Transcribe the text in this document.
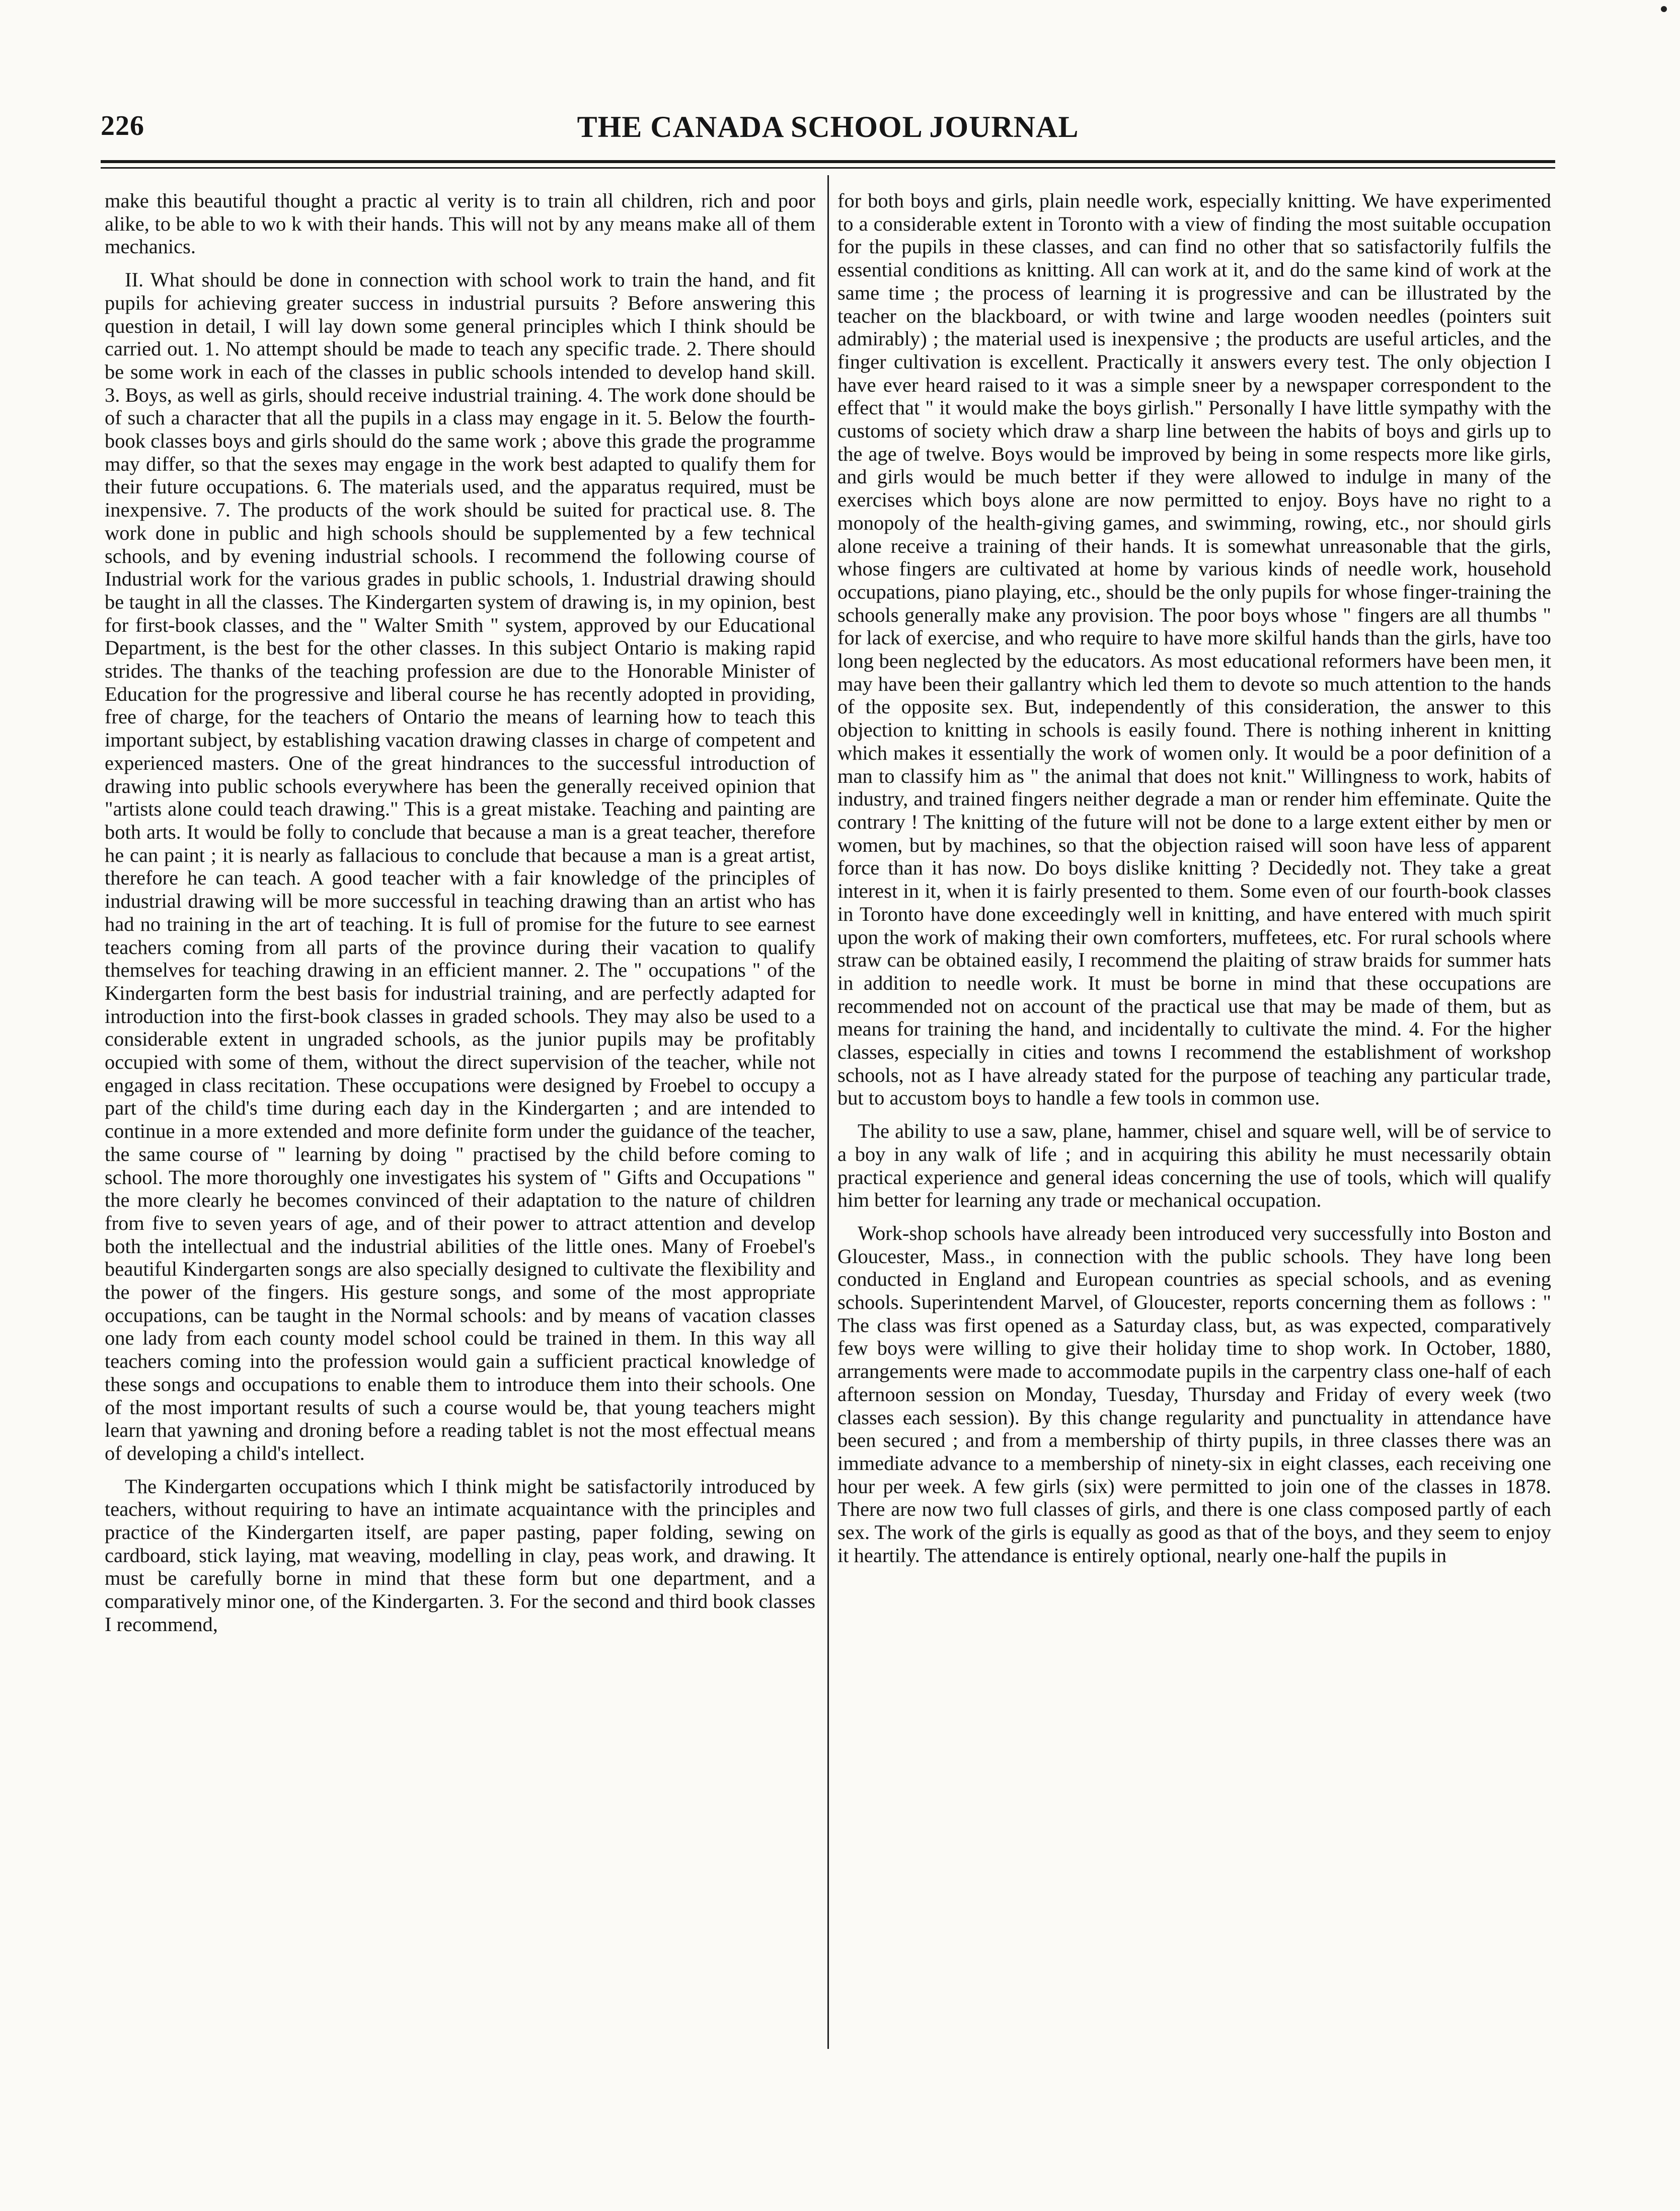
226	THE CANADA SCHOOL JOURNAL

make this beautiful thought a practic al verity is to train all children, rich and poor alike, to be able to wo k with their hands. This will not by any means make all of them mechanics.

II. What should be done in connection with school work to train the hand, and fit pupils for achieving greater success in industrial pursuits ? Before answering this question in detail, I will lay down some general principles which I think should be carried out. 1. No attempt should be made to teach any specific trade. 2. There should be some work in each of the classes in public schools intended to develop hand skill. 3. Boys, as well as girls, should receive industrial training. 4. The work done should be of such a character that all the pupils in a class may engage in it. 5. Below the fourth-book classes boys and girls should do the same work ; above this grade the programme may differ, so that the sexes may engage in the work best adapted to qualify them for their future occupations. 6. The materials used, and the apparatus required, must be inexpensive. 7. The products of the work should be suited for practical use. 8. The work done in public and high schools should be supplemented by a few technical schools, and by evening industrial schools. I recommend the following course of Industrial work for the various grades in public schools, 1. Industrial drawing should be taught in all the classes. The Kindergarten system of drawing is, in my opinion, best for first-book classes, and the " Walter Smith " system, approved by our Educational Department, is the best for the other classes. In this subject Ontario is making rapid strides. The thanks of the teaching profession are due to the Honorable Minister of Education for the progressive and liberal course he has recently adopted in providing, free of charge, for the teachers of Ontario the means of learning how to teach this important subject, by establishing vacation drawing classes in charge of competent and experienced masters. One of the great hindrances to the successful introduction of drawing into public schools everywhere has been the generally received opinion that "artists alone could teach drawing." This is a great mistake. Teaching and painting are both arts. It would be folly to conclude that because a man is a great teacher, therefore he can paint ; it is nearly as fallacious to conclude that because a man is a great artist, therefore he can teach. A good teacher with a fair knowledge of the principles of industrial drawing will be more successful in teaching drawing than an artist who has had no training in the art of teaching. It is full of promise for the future to see earnest teachers coming from all parts of the province during their vacation to qualify themselves for teaching drawing in an efficient manner. 2. The " occupations " of the Kindergarten form the best basis for industrial training, and are perfectly adapted for introduction into the first-book classes in graded schools. They may also be used to a considerable extent in ungraded schools, as the junior pupils may be profitably occupied with some of them, without the direct supervision of the teacher, while not engaged in class recitation. These occupations were designed by Froebel to occupy a part of the child's time during each day in the Kindergarten ; and are intended to continue in a more extended and more definite form under the guidance of the teacher, the same course of " learning by doing " practised by the child before coming to school. The more thoroughly one investigates his system of " Gifts and Occupations " the more clearly he becomes convinced of their adaptation to the nature of children from five to seven years of age, and of their power to attract attention and develop both the intellectual and the industrial abilities of the little ones. Many of Froebel's beautiful Kindergarten songs are also specially designed to cultivate the flexibility and the power of the fingers. His gesture songs, and some of the most appropriate occupations, can be taught in the Normal schools: and by means of vacation classes one lady from each county model school could be trained in them. In this way all teachers coming into the profession would gain a sufficient practical knowledge of these songs and occupations to enable them to introduce them into their schools. One of the most important results of such a course would be, that young teachers might learn that yawning and droning before a reading tablet is not the most effectual means of developing a child's intellect.

The Kindergarten occupations which I think might be satisfactorily introduced by teachers, without requiring to have an intimate acquaintance with the principles and practice of the Kindergarten itself, are paper pasting, paper folding, sewing on cardboard, stick laying, mat weaving, modelling in clay, peas work, and drawing. It must be carefully borne in mind that these form but one department, and a comparatively minor one, of the Kindergarten. 3. For the second and third book classes I recommend,

for both boys and girls, plain needle work, especially knitting. We have experimented to a considerable extent in Toronto with a view of finding the most suitable occupation for the pupils in these classes, and can find no other that so satisfactorily fulfils the essential conditions as knitting. All can work at it, and do the same kind of work at the same time ; the process of learning it is progressive and can be illustrated by the teacher on the blackboard, or with twine and large wooden needles (pointers suit admirably) ; the material used is inexpensive ; the products are useful articles, and the finger cultivation is excellent. Practically it answers every test. The only objection I have ever heard raised to it was a simple sneer by a newspaper correspondent to the effect that " it would make the boys girlish." Personally I have little sympathy with the customs of society which draw a sharp line between the habits of boys and girls up to the age of twelve. Boys would be improved by being in some respects more like girls, and girls would be much better if they were allowed to indulge in many of the exercises which boys alone are now permitted to enjoy. Boys have no right to a monopoly of the health-giving games, and swimming, rowing, etc., nor should girls alone receive a training of their hands. It is somewhat unreasonable that the girls, whose fingers are cultivated at home by various kinds of needle work, household occupations, piano playing, etc., should be the only pupils for whose finger-training the schools generally make any provision. The poor boys whose " fingers are all thumbs " for lack of exercise, and who require to have more skilful hands than the girls, have too long been neglected by the educators. As most educational reformers have been men, it may have been their gallantry which led them to devote so much attention to the hands of the opposite sex. But, independently of this consideration, the answer to this objection to knitting in schools is easily found. There is nothing inherent in knitting which makes it essentially the work of women only. It would be a poor definition of a man to classify him as " the animal that does not knit." Willingness to work, habits of industry, and trained fingers neither degrade a man or render him effeminate. Quite the contrary ! The knitting of the future will not be done to a large extent either by men or women, but by machines, so that the objection raised will soon have less of apparent force than it has now. Do boys dislike knitting ? Decidedly not. They take a great interest in it, when it is fairly presented to them. Some even of our fourth-book classes in Toronto have done exceedingly well in knitting, and have entered with much spirit upon the work of making their own comforters, muffetees, etc. For rural schools where straw can be obtained easily, I recommend the plaiting of straw braids for summer hats in addition to needle work. It must be borne in mind that these occupations are recommended not on account of the practical use that may be made of them, but as means for training the hand, and incidentally to cultivate the mind. 4. For the higher classes, especially in cities and towns I recommend the establishment of workshop schools, not as I have already stated for the purpose of teaching any particular trade, but to accustom boys to handle a few tools in common use.

The ability to use a saw, plane, hammer, chisel and square well, will be of service to a boy in any walk of life ; and in acquiring this ability he must necessarily obtain practical experience and general ideas concerning the use of tools, which will qualify him better for learning any trade or mechanical occupation.

Work-shop schools have already been introduced very successfully into Boston and Gloucester, Mass., in connection with the public schools. They have long been conducted in England and European countries as special schools, and as evening schools. Superintendent Marvel, of Gloucester, reports concerning them as follows : " The class was first opened as a Saturday class, but, as was expected, comparatively few boys were willing to give their holiday time to shop work. In October, 1880, arrangements were made to accommodate pupils in the carpentry class one-half of each afternoon session on Monday, Tuesday, Thursday and Friday of every week (two classes each session). By this change regularity and punctuality in attendance have been secured ; and from a membership of thirty pupils, in three classes there was an immediate advance to a membership of ninety-six in eight classes, each receiving one hour per week. A few girls (six) were permitted to join one of the classes in 1878. There are now two full classes of girls, and there is one class composed partly of each sex. The work of the girls is equally as good as that of the boys, and they seem to enjoy it heartily. The attendance is entirely optional, nearly one-half the pupils in
